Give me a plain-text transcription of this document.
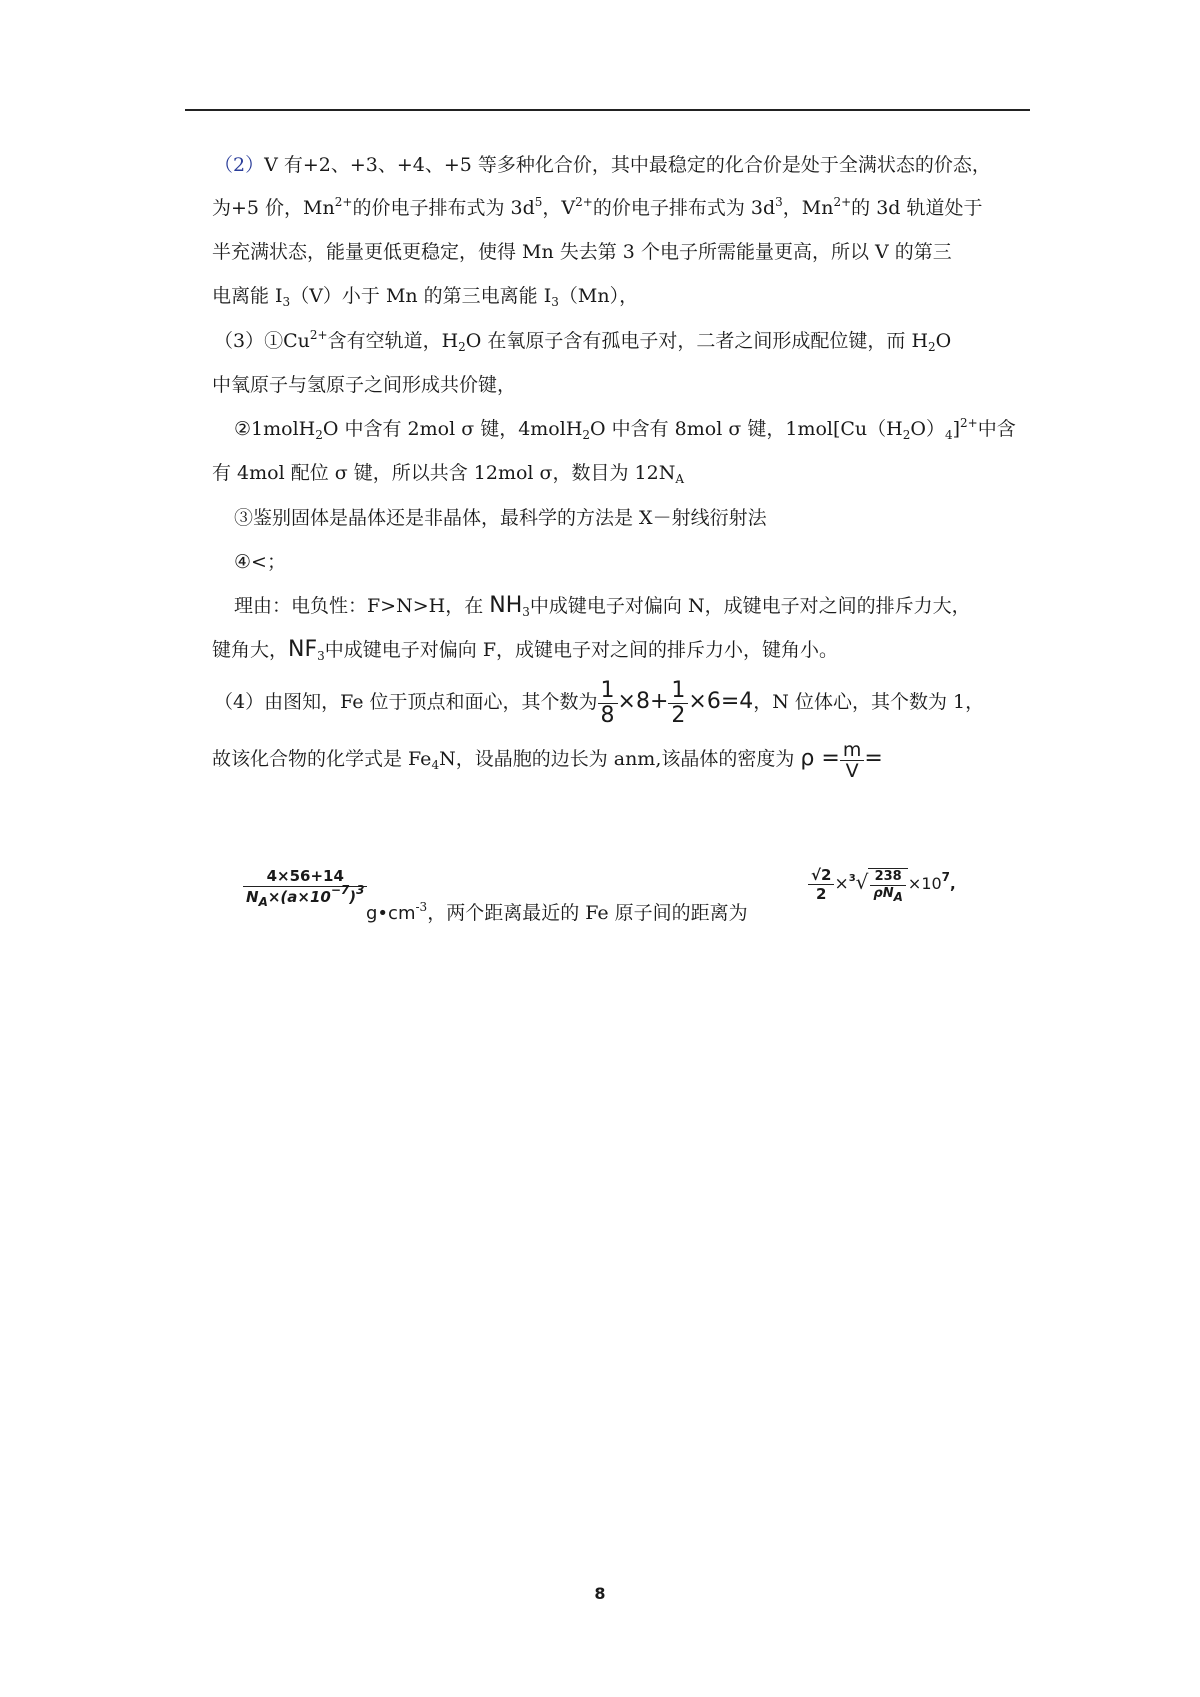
（2）V 有+2、+3、+4、+5 等多种化合价，其中最稳定的化合价是处于全满状态的价态，
为+5 价，$Mn^{2+}$的价电子排布式为 $3d^5$，$V^{2+}$的价电子排布式为 $3d^3$，$Mn^{2+}$的 3d 轨道处于
半充满状态，能量更低更稳定，使得 Mn 失去第 3 个电子所需能量更高，所以 V 的第三
电离能 $I_3(V)$小于 Mn 的第三电离能 $I_3(Mn)$，
$(3)①Cu^{2+}$含有空轨道，$H_2O$ 在氧原子含有孤电子对，二者之间形成配位键，而 $H_2O$
中氧原子与氢原子之间形成共价键，
②1molH$_2$O 中含有 2mol σ 键，4molH$_2$O 中含有 8mol σ 键，$1mol[Cu(H_2O)_4]^{2+}$中含
有 4mol 配位 σ 键，所以共含 12mol σ，数目为 $12N_A$
③鉴别固体是晶体还是非晶体，最科学的方法是 X－射线衍射法
④<；
理由：电负性：F>N>H，在 $NH_3$中成键电子对偏向 N，成键电子对之间的排斥力大，
键角大，$NF_3$中成键电子对偏向 F，成键电子对之间的排斥力小，键角小。
（4）由图知，Fe 位于顶点和面心，其个数为 $\frac{1}{8} \times 8+ \frac{1}{2} \times 6=4$，N 位体心，其个数为 1，
故该化合物的化学式是 $Fe_4N$，设晶胞的边长为 anm,该晶体的密度为 $\rho = \frac{m}{V}$ =
$\frac{4\times 56+14}{N_A\times(a\times 10^{-7})^3}$
$g•cm^{-3}$，两个距离最近的 Fe 原子间的距离为
$\frac{√2}{2} \times^3√ \frac{238}{\rho N_A} \times 10^7$,
8
